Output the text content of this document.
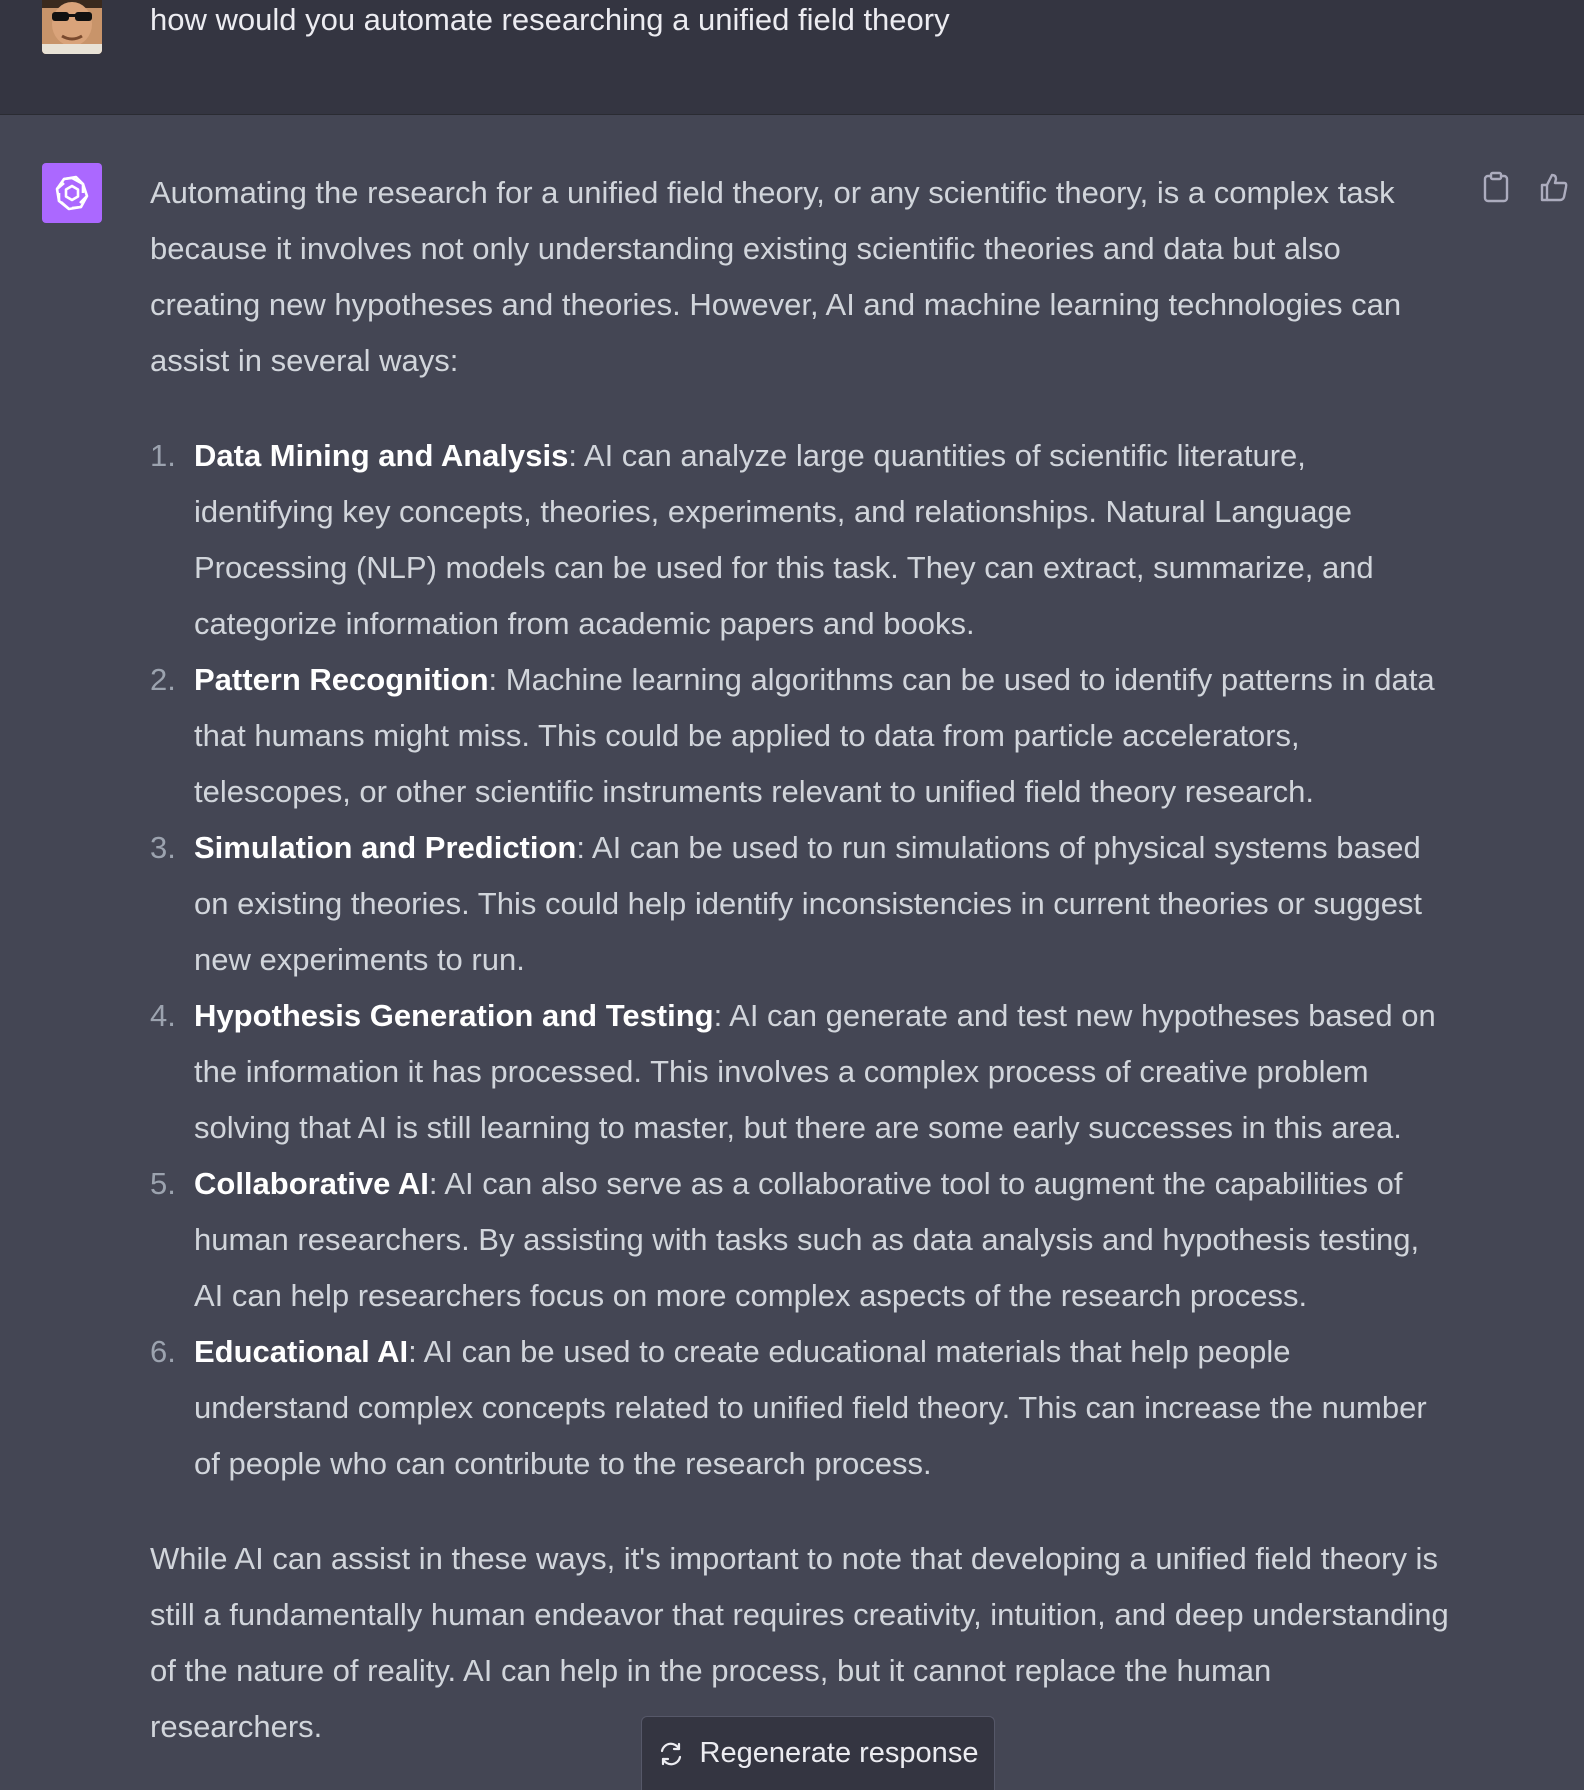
how would you automate researching a unified field theory

Automating the research for a unified field theory, or any scientific theory, is a complex task because it involves not only understanding existing scientific theories and data but also creating new hypotheses and theories. However, AI and machine learning technologies can assist in several ways:

1. Data Mining and Analysis: AI can analyze large quantities of scientific literature, identifying key concepts, theories, experiments, and relationships. Natural Language Processing (NLP) models can be used for this task. They can extract, summarize, and categorize information from academic papers and books.
2. Pattern Recognition: Machine learning algorithms can be used to identify patterns in data that humans might miss. This could be applied to data from particle accelerators, telescopes, or other scientific instruments relevant to unified field theory research.
3. Simulation and Prediction: AI can be used to run simulations of physical systems based on existing theories. This could help identify inconsistencies in current theories or suggest new experiments to run.
4. Hypothesis Generation and Testing: AI can generate and test new hypotheses based on the information it has processed. This involves a complex process of creative problem solving that AI is still learning to master, but there are some early successes in this area.
5. Collaborative AI: AI can also serve as a collaborative tool to augment the capabilities of human researchers. By assisting with tasks such as data analysis and hypothesis testing, AI can help researchers focus on more complex aspects of the research process.
6. Educational AI: AI can be used to create educational materials that help people understand complex concepts related to unified field theory. This can increase the number of people who can contribute to the research process.

While AI can assist in these ways, it's important to note that developing a unified field theory is still a fundamentally human endeavor that requires creativity, intuition, and deep understanding of the nature of reality. AI can help in the process, but it cannot replace the human researchers.

Regenerate response
